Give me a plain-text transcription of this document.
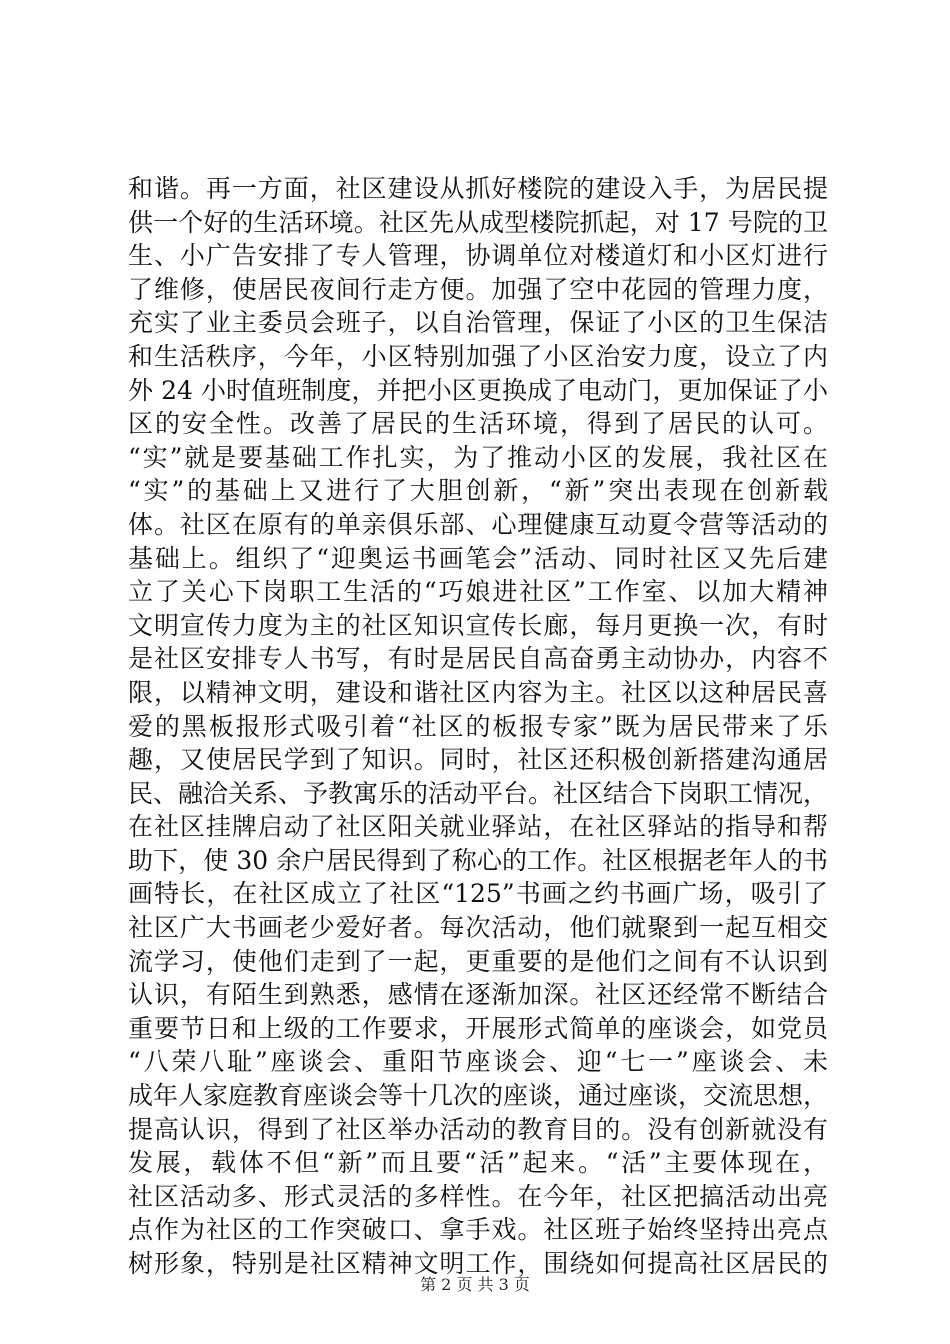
和谐。再一方面，社区建设从抓好楼院的建设入手，为居民提
供一个好的生活环境。社区先从成型楼院抓起，对 17 号院的卫
生、小广告安排了专人管理，协调单位对楼道灯和小区灯进行
了维修，使居民夜间行走方便。加强了空中花园的管理力度，
充实了业主委员会班子，以自治管理，保证了小区的卫生保洁
和生活秩序，今年，小区特别加强了小区治安力度，设立了内
外 24 小时值班制度，并把小区更换成了电动门，更加保证了小
区的安全性。改善了居民的生活环境，得到了居民的认可。
“实”就是要基础工作扎实，为了推动小区的发展，我社区在
“实”的基础上又进行了大胆创新，“新”突出表现在创新载
体。社区在原有的单亲俱乐部、心理健康互动夏令营等活动的
基础上。组织了“迎奥运书画笔会”活动、同时社区又先后建
立了关心下岗职工生活的“巧娘进社区”工作室、以加大精神
文明宣传力度为主的社区知识宣传长廊，每月更换一次，有时
是社区安排专人书写，有时是居民自高奋勇主动协办，内容不
限，以精神文明，建设和谐社区内容为主。社区以这种居民喜
爱的黑板报形式吸引着“社区的板报专家”既为居民带来了乐
趣，又使居民学到了知识。同时，社区还积极创新搭建沟通居
民、融洽关系、予教寓乐的活动平台。社区结合下岗职工情况，
在社区挂牌启动了社区阳关就业驿站，在社区驿站的指导和帮
助下，使 30 余户居民得到了称心的工作。社区根据老年人的书
画特长，在社区成立了社区“125”书画之约书画广场，吸引了
社区广大书画老少爱好者。每次活动，他们就聚到一起互相交
流学习，使他们走到了一起，更重要的是他们之间有不认识到
认识，有陌生到熟悉，感情在逐渐加深。社区还经常不断结合
重要节日和上级的工作要求，开展形式简单的座谈会，如党员
“八荣八耻”座谈会、重阳节座谈会、迎“七一”座谈会、未
成年人家庭教育座谈会等十几次的座谈，通过座谈，交流思想，
提高认识，得到了社区举办活动的教育目的。没有创新就没有
发展，载体不但“新”而且要“活”起来。“活”主要体现在，
社区活动多、形式灵活的多样性。在今年，社区把搞活动出亮
点作为社区的工作突破口、拿手戏。社区班子始终坚持出亮点
树形象，特别是社区精神文明工作，围绕如何提高社区居民的
第 2 页 共 3 页
